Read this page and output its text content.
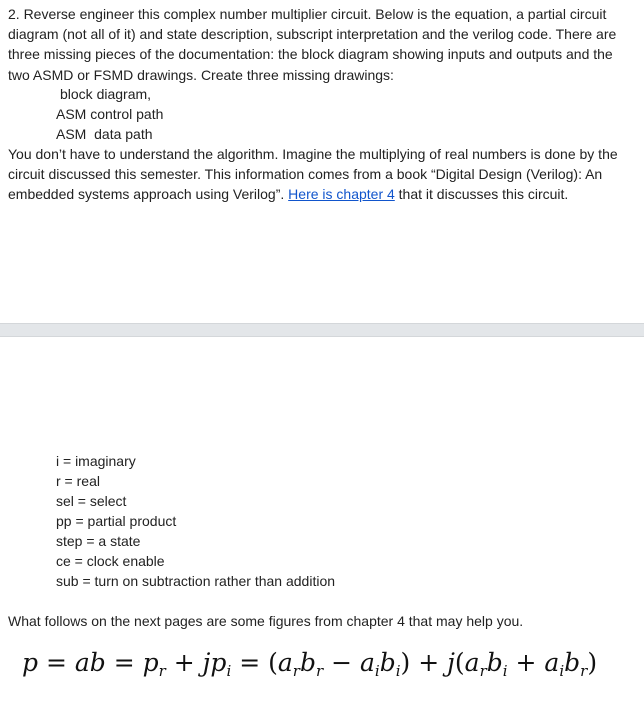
2. Reverse engineer this complex number multiplier circuit. Below is the equation, a partial circuit diagram (not all of it) and state description, subscript interpretation and the verilog code. There are three missing pieces of the documentation: the block diagram showing inputs and outputs and the two ASMD or FSMD drawings. Create three missing drawings:

block diagram,
ASM control path
ASM  data path

You don’t have to understand the algorithm. Imagine the multiplying of real numbers is done by the circuit discussed this semester. This information comes from a book “Digital Design (Verilog): An embedded systems approach using Verilog”. Here is chapter 4 that it discusses this circuit.

i = imaginary
r = real
sel = select
pp = partial product
step = a state
ce = clock enable
sub = turn on subtraction rather than addition
What follows on the next pages are some figures from chapter 4 that may help you.
p = ab = $p_r + jp_i = (a_rb_r - a_ib_i) + j(a_rb_i + a_ib_r)$
